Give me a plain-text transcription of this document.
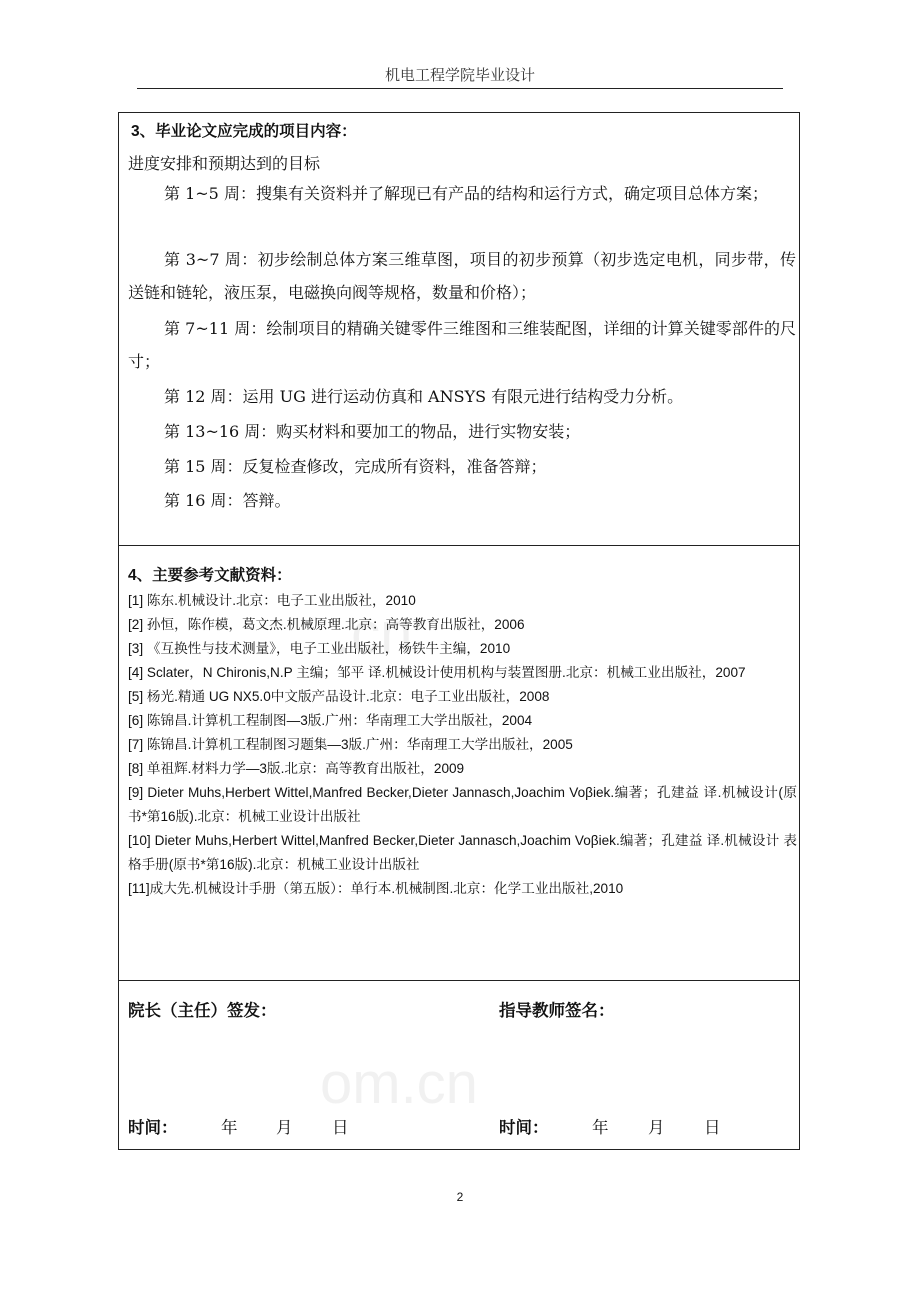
机电工程学院毕业设计
.cn
om.cn
3、毕业论文应完成的项目内容：
进度安排和预期达到的目标
第 1~5 周：搜集有关资料并了解现已有产品的结构和运行方式，确定项目总体方案；
第 3~7 周：初步绘制总体方案三维草图，项目的初步预算（初步选定电机，同步带，传送链和链轮，液压泵，电磁换向阀等规格，数量和价格）；
第 7~11 周：绘制项目的精确关键零件三维图和三维装配图，详细的计算关键零部件的尺寸；
第 12 周：运用 UG 进行运动仿真和 ANSYS 有限元进行结构受力分析。
第 13~16 周：购买材料和要加工的物品，进行实物安装；
第 15 周：反复检查修改，完成所有资料，准备答辩；
第 16 周：答辩。
4、主要参考文献资料：
[1] 陈东.机械设计.北京：电子工业出版社，2010
[2] 孙恒，陈作模，葛文杰.机械原理.北京：高等教育出版社，2006
[3] 《互换性与技术测量》，电子工业出版社，杨铁牛主编，2010
[4] Sclater，N Chironis,N.P 主编；邹平 译.机械设计使用机构与装置图册.北京：机械工业出版社，2007
[5] 杨光.精通 UG NX5.0中文版产品设计.北京：电子工业出版社，2008
[6] 陈锦昌.计算机工程制图—3版.广州：华南理工大学出版社，2004
[7] 陈锦昌.计算机工程制图习题集—3版.广州：华南理工大学出版社，2005
[8] 单祖辉.材料力学—3版.北京：高等教育出版社，2009
[9] Dieter Muhs,Herbert Wittel,Manfred Becker,Dieter Jannasch,Joachim Voβiek.编著；孔建益 译.机械设计(原书*第16版).北京：机械工业设计出版社
[10] Dieter Muhs,Herbert Wittel,Manfred Becker,Dieter Jannasch,Joachim Voβiek.编著；孔建益 译.机械设计 表格手册(原书*第16版).北京：机械工业设计出版社
[11]成大先.机械设计手册（第五版）：单行本.机械制图.北京：化学工业出版社,2010
院长（主任）签发：	指导教师签名：
时间：	年 月 日	时间：	年 月 日
2
